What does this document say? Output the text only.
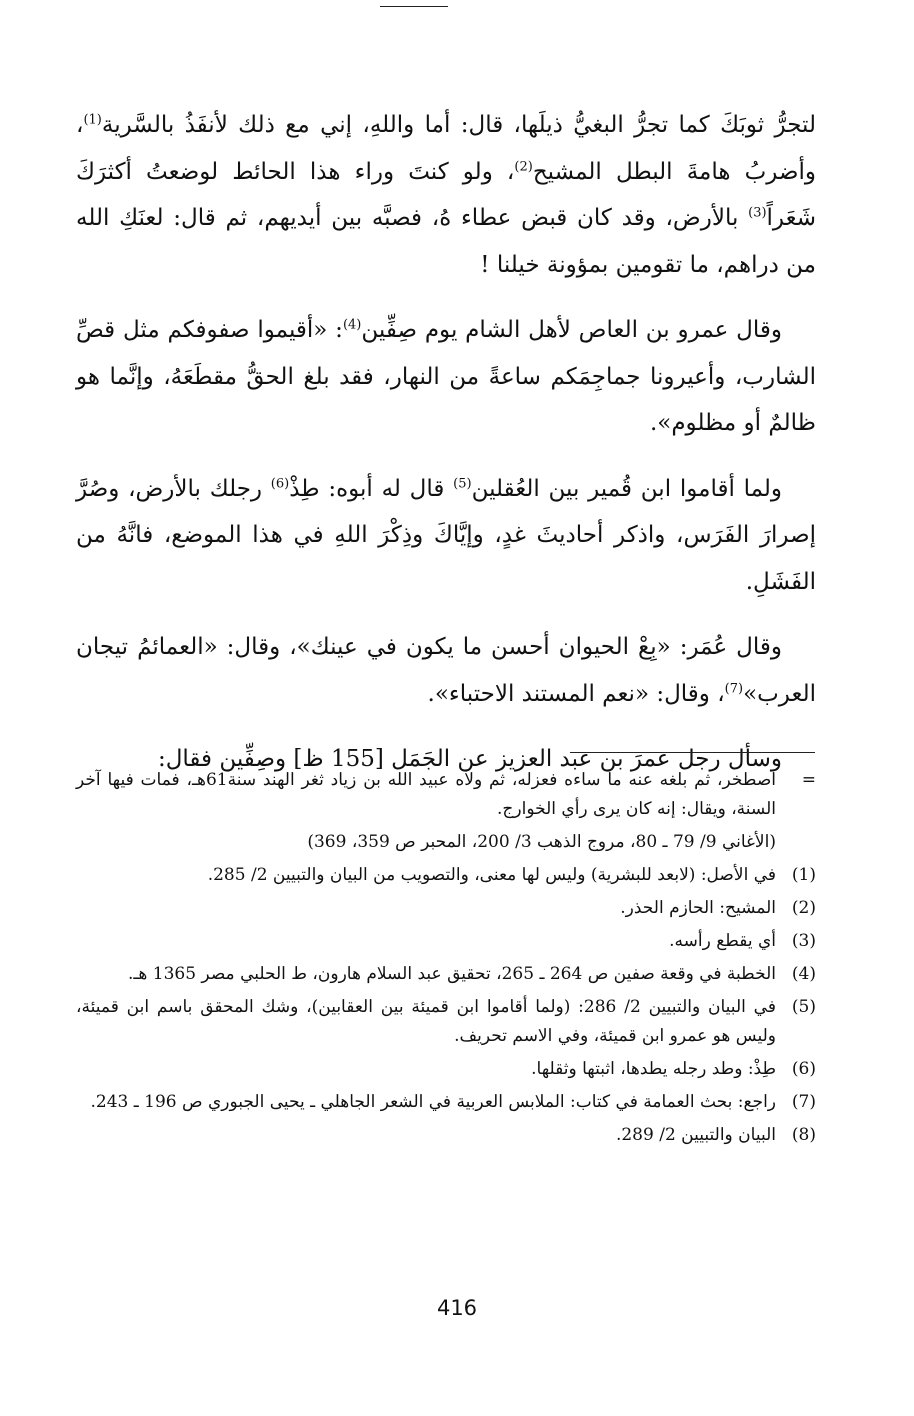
لتجرُّ ثوبَكَ كما تجرُّ البغيُّ ذيلَها، قال: أما واللهِ، إني مع ذلك لأنفَذُ بالسَّرية$^{(1)}$، وأضربُ هامةَ البطل المشيح$^{(2)}$، ولو كنتَ وراء هذا الحائط لوضعتُ أكثرَكَ شَعَراً$^{(3)}$ بالأرض، وقد كان قبض عطاء هُ، فصبَّه بين أيديهم، ثم قال: لعنَكِ الله من دراهم، ما تقومين بمؤونة خيلنا !

وقال عمرو بن العاص لأهل الشام يوم صِفِّين$^{(4)}$: «أقيموا صفوفكم مثل قصِّ الشارب، وأعيرونا جماجِمَكم ساعةً من النهار، فقد بلغ الحقُّ مقطَعَهُ، وإنَّما هو ظالمٌ أو مظلوم».

ولما أقاموا ابن قُمير بين العُقلين$^{(5)}$ قال له أبوه: طِذْ$^{(6)}$ رجلك بالأرض، وصُرَّ إصرارَ الفَرَس، واذكر أحاديثَ غدٍ، وإيَّاكَ وذِكْرَ اللهِ في هذا الموضع، فانَّهُ من الفَشَلِ.

وقال عُمَر: «بِعْ الحيوان أحسن ما يكون في عينك»، وقال: «العمائمُ تيجان العرب»$^{(7)}$، وقال: «نعم المستند الاحتباء».

وسأل رجل عمرَ بن عبد العزيز عن الجَمَل [155 ظ] وصِفِّين فقال:

=
اصطخر، ثم بلغه عنه ما ساءه فعزله، ثم ولاه عبيد الله بن زياد ثغر الهند سنة61هـ، فمات فيها آخر السنة، ويقال: إنه كان يرى رأي الخوارج.
(الأغاني 9/ 79 ـ 80، مروج الذهب 3/ 200، المحبر ص 359، 369)
(1)
في الأصل: (لابعد للبشرية) وليس لها معنى، والتصويب من البيان والتبيين 2/ 285.
(2)
المشيح: الحازم الحذر.
(3)
أي يقطع رأسه.
(4)
الخطبة في وقعة صفين ص 264 ـ 265، تحقيق عبد السلام هارون، ط الحلبي مصر 1365 هـ.
(5)
في البيان والتبيين 2/ 286: (ولما أقاموا ابن قميئة بين العقابين)، وشك المحقق باسم ابن قميئة، وليس هو عمرو ابن قميئة، وفي الاسم تحريف.
(6)
طِذْ: وطد رجله يطدها، اثبتها وثقلها.
(7)
راجع: بحث العمامة في كتاب: الملابس العربية في الشعر الجاهلي ـ يحيى الجبوري ص 196 ـ 243.
(8)
البيان والتبيين 2/ 289.
416
